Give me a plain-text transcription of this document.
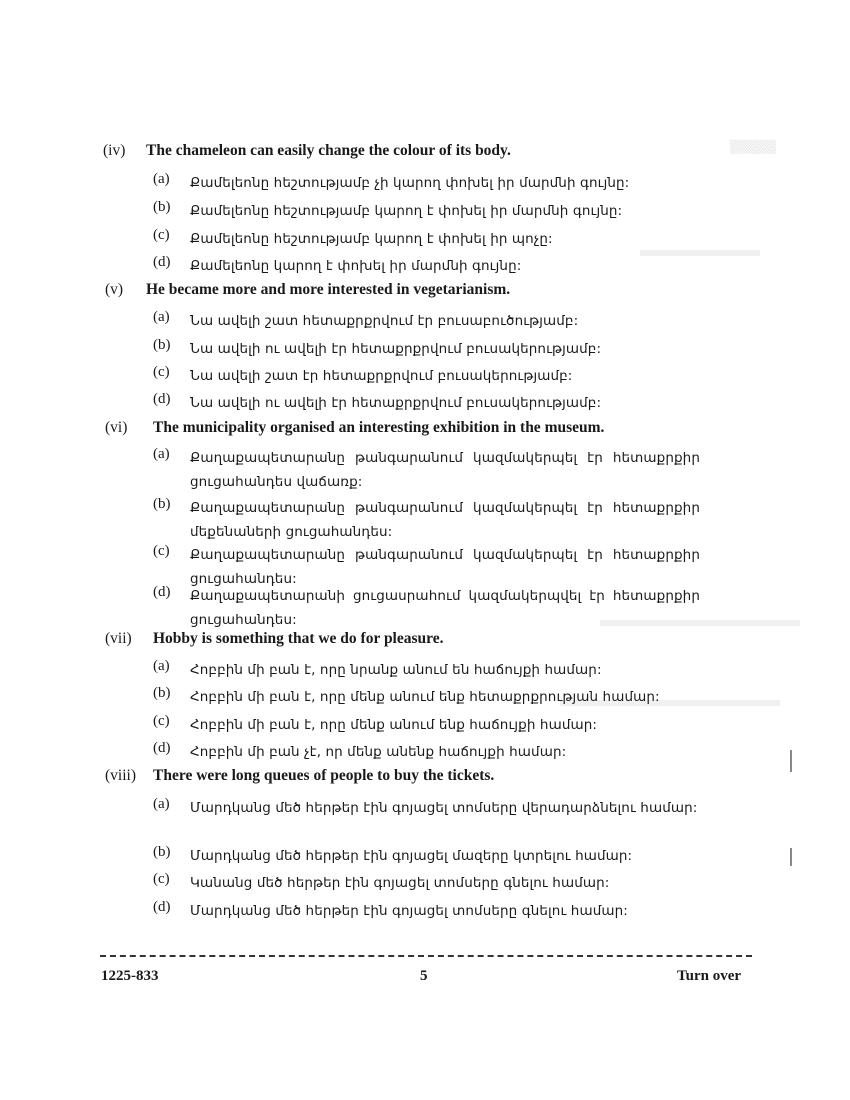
▒▒▒▒▒
(iv) The chameleon can easily change the colour of its body.
(a) Քամելեոնը հեշտությամբ չի կարող փոխել իր մարմնի գույնը:
(b) Քամելեոնը հեշտությամբ կարող է փոխել իր մարմնի գույնը:
(c) Քամելեոնը հեշտությամբ կարող է փոխել իր պոչը:
(d) Քամելեոնը կարող է փոխել իր մարմնի գույնը:
(v) He became more and more interested in vegetarianism.
(a) Նա ավելի շատ հետաքրքրվում էր բուսաբուծությամբ:
(b) Նա ավելի ու ավելի էր հետաքրքրվում բուսակերությամբ:
(c) Նա ավելի շատ էր հետաքրքրվում բուսակերությամբ:
(d) Նա ավելի ու ավելի էր հետաքրքրվում բուսակերությամբ:
(vi) The municipality organised an interesting exhibition in the museum.
(a) Քաղաքապետարանը թանգարանում կազմակերպել էր հետաքրքիր ցուցահանդես վաճառք:
(b) Քաղաքապետարանը թանգարանում կազմակերպել էր հետաքրքիր մեքենաների ցուցահանդես:
(c) Քաղաքապետարանը թանգարանում կազմակերպել էր հետաքրքիր ցուցահանդես:
(d) Քաղաքապետարանի ցուցասրահում կազմակերպվել էր հետաքրքիր ցուցահանդես:
(vii) Hobby is something that we do for pleasure.
(a) Հոբբին մի բան է, որը նրանք անում են հաճույքի համար:
(b) Հոբբին մի բան է, որը մենք անում ենք հետաքրքրության համար:
(c) Հոբբին մի բան է, որը մենք անում ենք հաճույքի համար:
(d) Հոբբին մի բան չէ, որ մենք անենք հաճույքի համար:
(viii) There were long queues of people to buy the tickets.
(a) Մարդկանց մեծ հերթեր էին գոյացել տոմսերը վերադարձնելու համար:
(b) Մարդկանց մեծ հերթեր էին գոյացել մազերը կտրելու համար:
(c) Կանանց մեծ հերթեր էին գոյացել տոմսերը գնելու համար:
(d) Մարդկանց մեծ հերթեր էին գոյացել տոմսերը գնելու համար:
1225-833	5	Turn over
